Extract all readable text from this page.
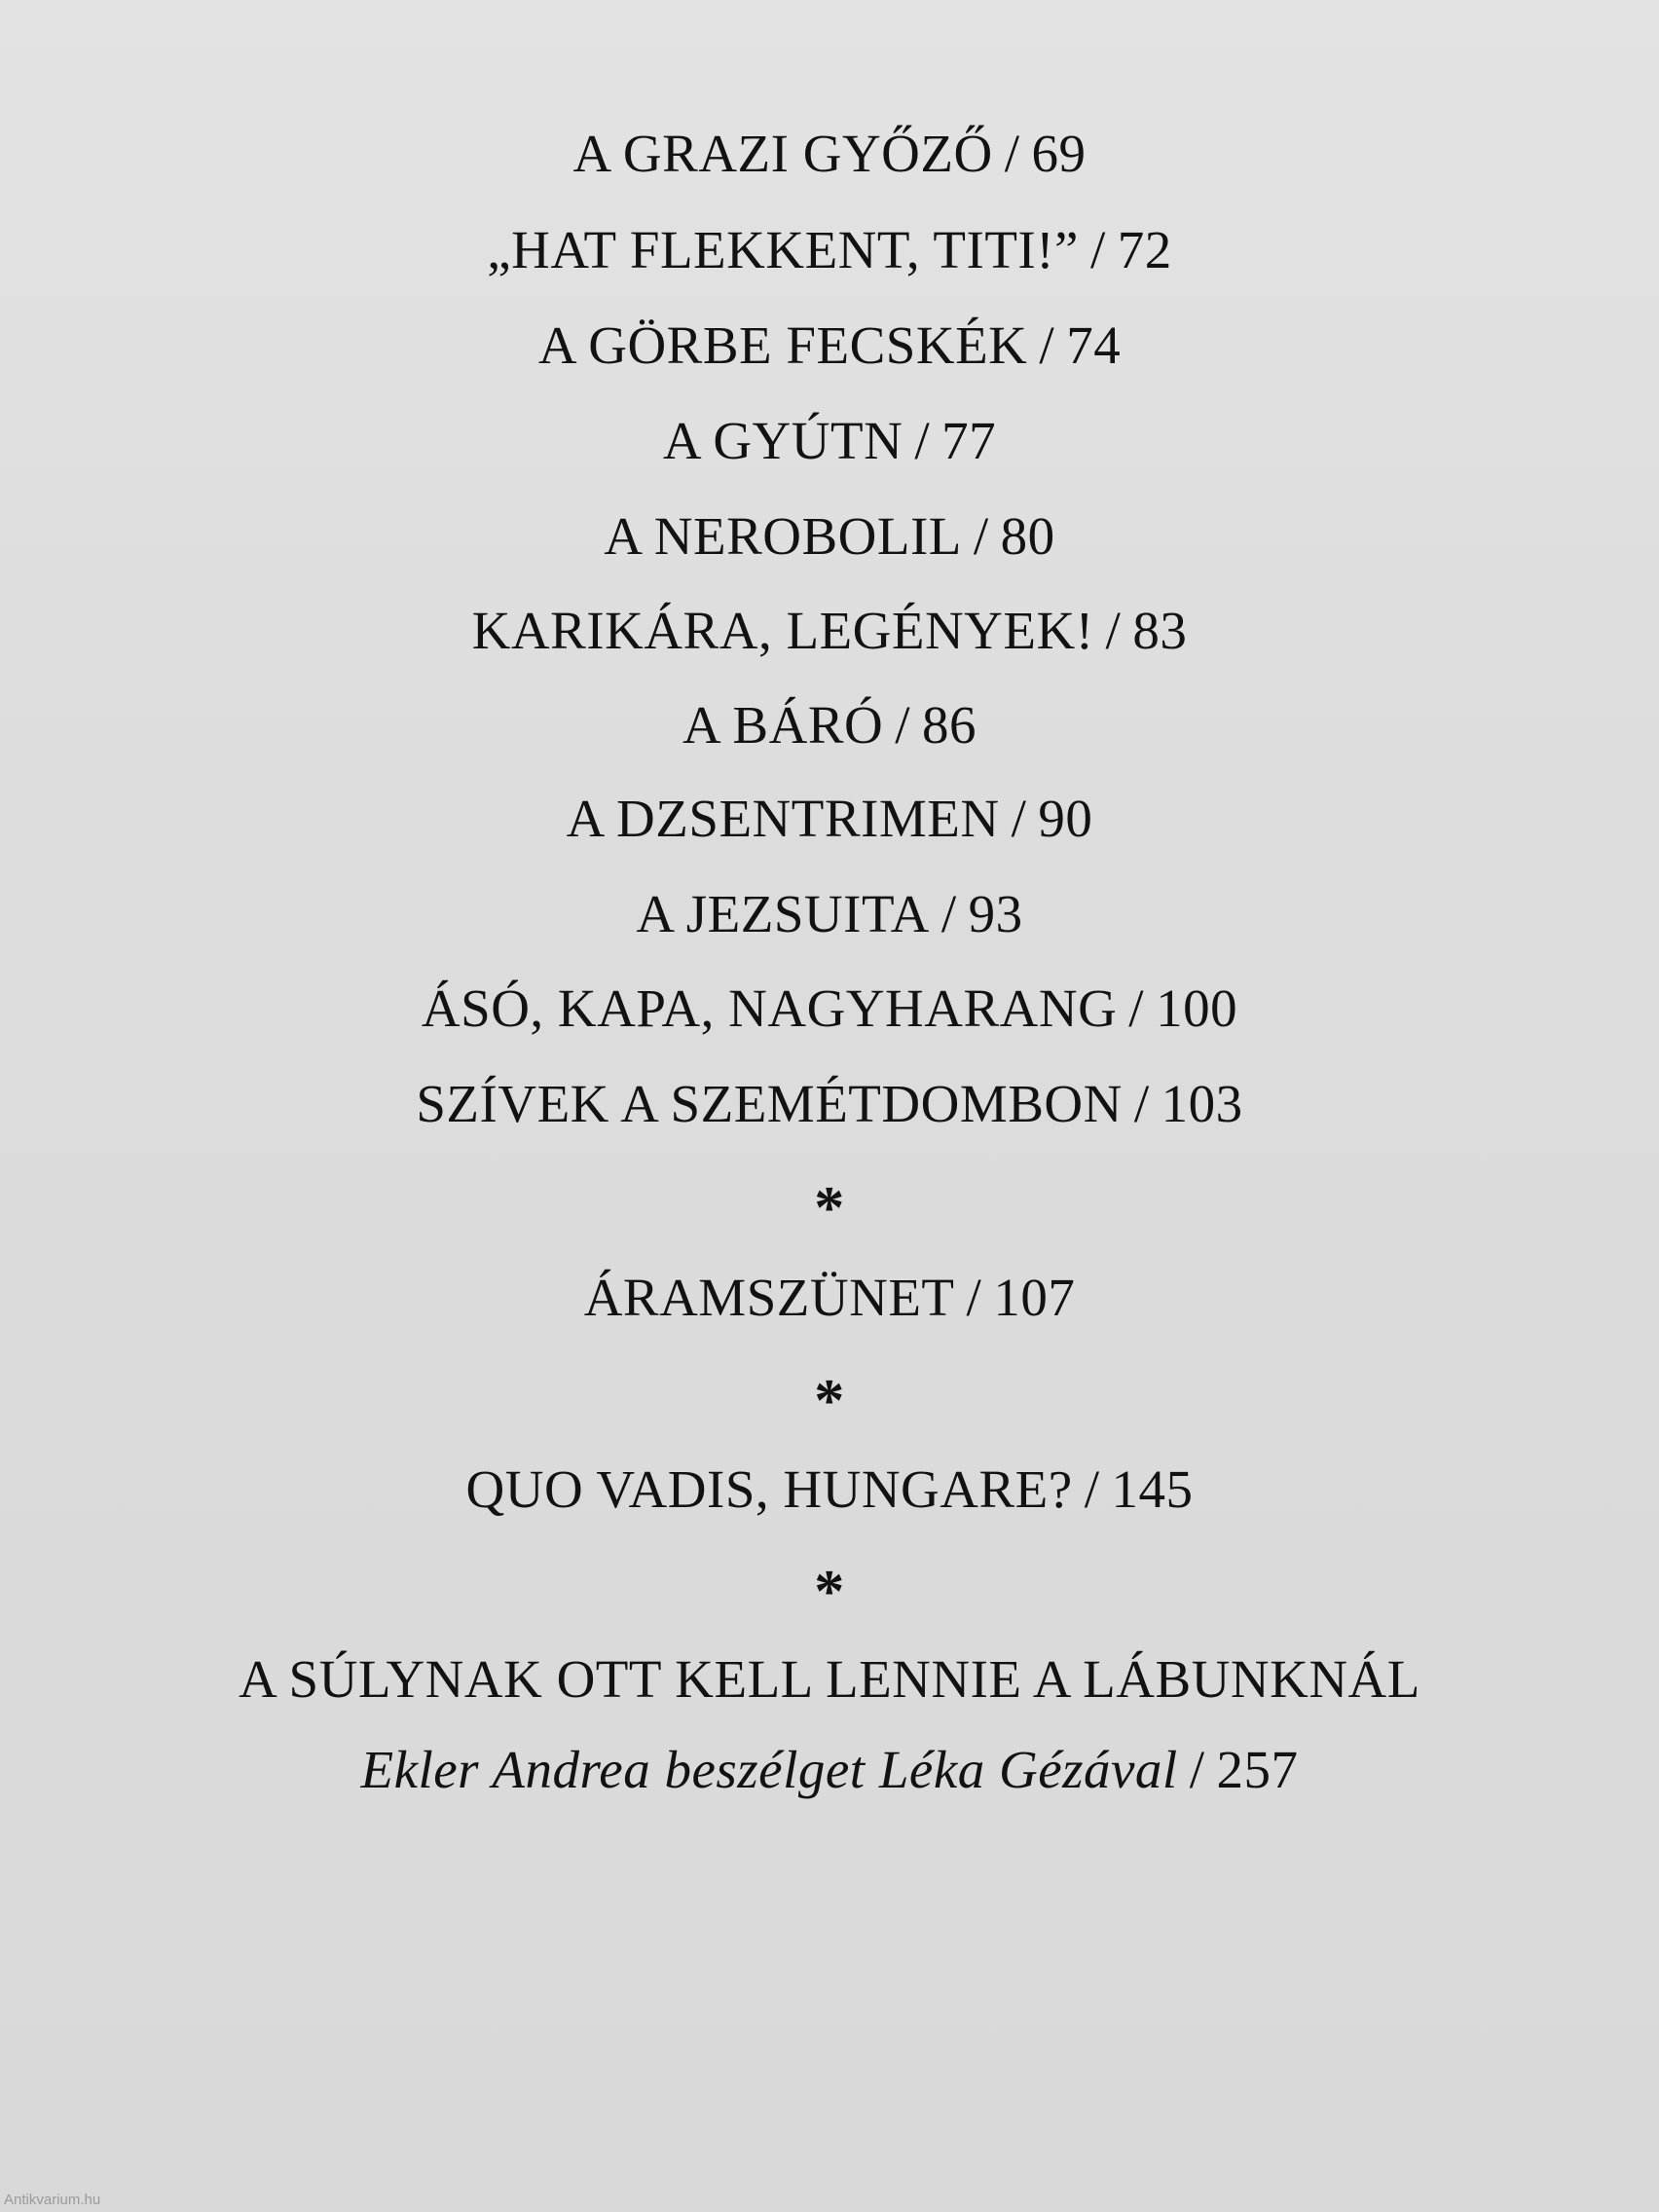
A GRAZI GYŐZŐ / 69
„HAT FLEKKENT, TITI!” / 72
A GÖRBE FECSKÉK / 74
A GYÚTN / 77
A NEROBOLIL / 80
KARIKÁRA, LEGÉNYEK! / 83
A BÁRÓ / 86
A DZSENTRIMEN / 90
A JEZSUITA / 93
ÁSÓ, KAPA, NAGYHARANG / 100
SZÍVEK A SZEMÉTDOMBON / 103
*
ÁRAMSZÜNET / 107
*
QUO VADIS, HUNGARE? / 145
*
A SÚLYNAK OTT KELL LENNIE A LÁBUNKNÁL
Ekler Andrea beszélget Léka Gézával / 257
Antikvarium.hu
